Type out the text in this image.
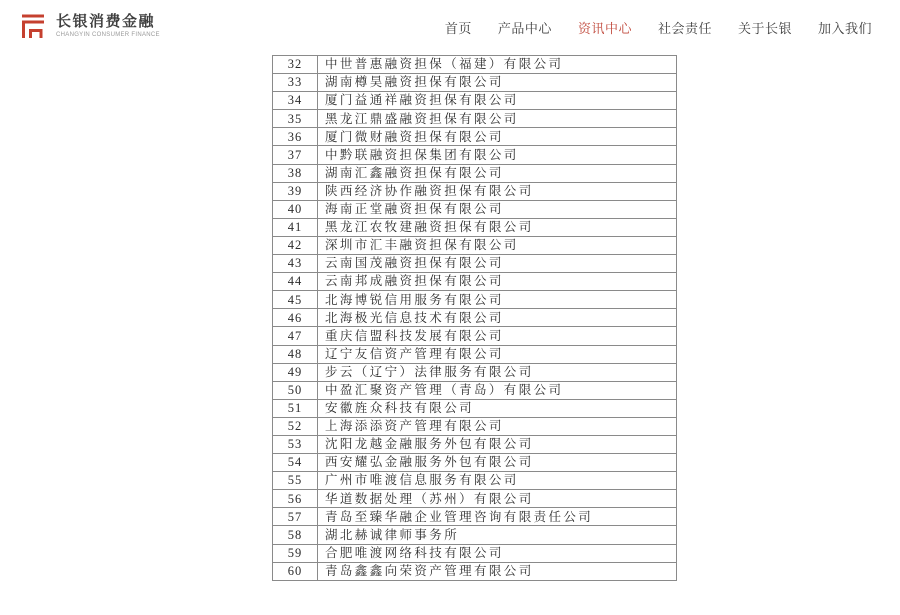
长银消费金融
CHANGYIN CONSUMER FINANCE	首页 产品中心 资讯中心 社会责任 关于长银 加入我们
32	中世普惠融资担保（福建）有限公司
33	湖南樽昊融资担保有限公司
34	厦门益通祥融资担保有限公司
35	黑龙江鼎盛融资担保有限公司
36	厦门微财融资担保有限公司
37	中黔联融资担保集团有限公司
38	湖南汇鑫融资担保有限公司
39	陕西经济协作融资担保有限公司
40	海南正堂融资担保有限公司
41	黑龙江农牧建融资担保有限公司
42	深圳市汇丰融资担保有限公司
43	云南国茂融资担保有限公司
44	云南邦成融资担保有限公司
45	北海博锐信用服务有限公司
46	北海极光信息技术有限公司
47	重庆信盟科技发展有限公司
48	辽宁友信资产管理有限公司
49	步云（辽宁）法律服务有限公司
50	中盈汇聚资产管理（青岛）有限公司
51	安徽旌众科技有限公司
52	上海添添资产管理有限公司
53	沈阳龙越金融服务外包有限公司
54	西安耀弘金融服务外包有限公司
55	广州市唯渡信息服务有限公司
56	华道数据处理（苏州）有限公司
57	青岛至臻华融企业管理咨询有限责任公司
58	湖北赫诚律师事务所
59	合肥唯渡网络科技有限公司
60	青岛鑫鑫向荣资产管理有限公司
